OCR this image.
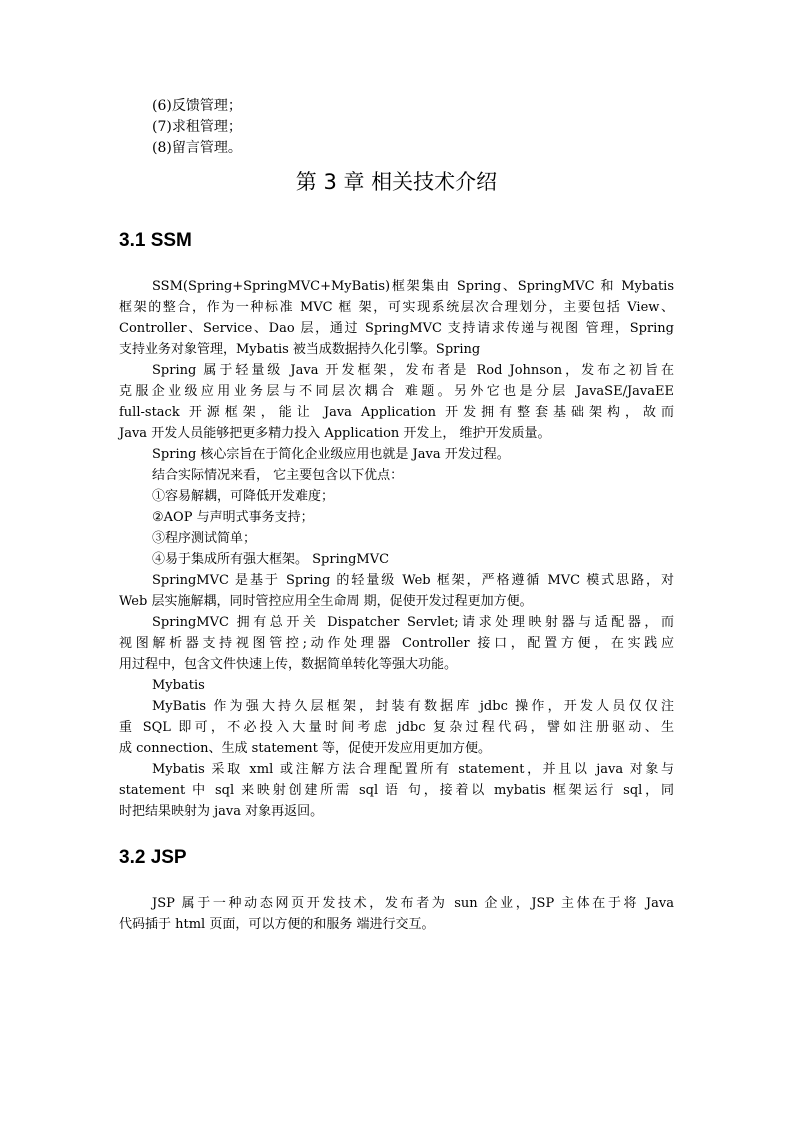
(6)反馈管理；
(7)求租管理；
(8)留言管理。
第 3 章 相关技术介绍
3.1 SSM
SSM(Spring+SpringMVC+MyBatis)框架集由 Spring、SpringMVC 和 Mybatis
框架的整合，作为一种标准 MVC 框 架，可实现系统层次合理划分，主要包括 View、
Controller、Service、Dao 层，通过 SpringMVC 支持请求传递与视图 管理，Spring
支持业务对象管理，Mybatis 被当成数据持久化引擎。Spring
Spring 属于轻量级 Java 开发框架，发布者是 Rod Johnson，发布之初旨在
克服企业级应用业务层与不同层次耦合 难题。另外它也是分层 JavaSE/JavaEE
full-stack 开源框架，能让 Java Application 开发拥有整套基础架构，故而
Java 开发人员能够把更多精力投入 Application 开发上， 维护开发质量。
Spring 核心宗旨在于简化企业级应用也就是 Java 开发过程。
结合实际情况来看， 它主要包含以下优点：
①容易解耦，可降低开发难度；
②AOP 与声明式事务支持；
③程序测试简单；
④易于集成所有强大框架。 SpringMVC
SpringMVC 是基于 Spring 的轻量级 Web 框架，严格遵循 MVC 模式思路，对
Web 层实施解耦，同时管控应用全生命周 期，促使开发过程更加方便。
SpringMVC 拥有总开关 Dispatcher Servlet;请求处理映射器与适配器，而
视图解析器支持视图管控;动作处理器 Controller 接口，配置方便，在实践应
用过程中，包含文件快速上传，数据简单转化等强大功能。
Mybatis
MyBatis 作为强大持久层框架，封装有数据库 jdbc 操作，开发人员仅仅注
重 SQL 即可，不必投入大量时间考虑 jdbc 复杂过程代码，譬如注册驱动、生
成 connection、生成 statement 等，促使开发应用更加方便。
Mybatis 采取 xml 或注解方法合理配置所有 statement，并且以 java 对象与
statement 中 sql 来映射创建所需 sql 语 句，接着以 mybatis 框架运行 sql，同
时把结果映射为 java 对象再返回。
3.2 JSP
JSP 属于一种动态网页开发技术，发布者为 sun 企业，JSP 主体在于将 Java
代码插于 html 页面，可以方便的和服务 端进行交互。
